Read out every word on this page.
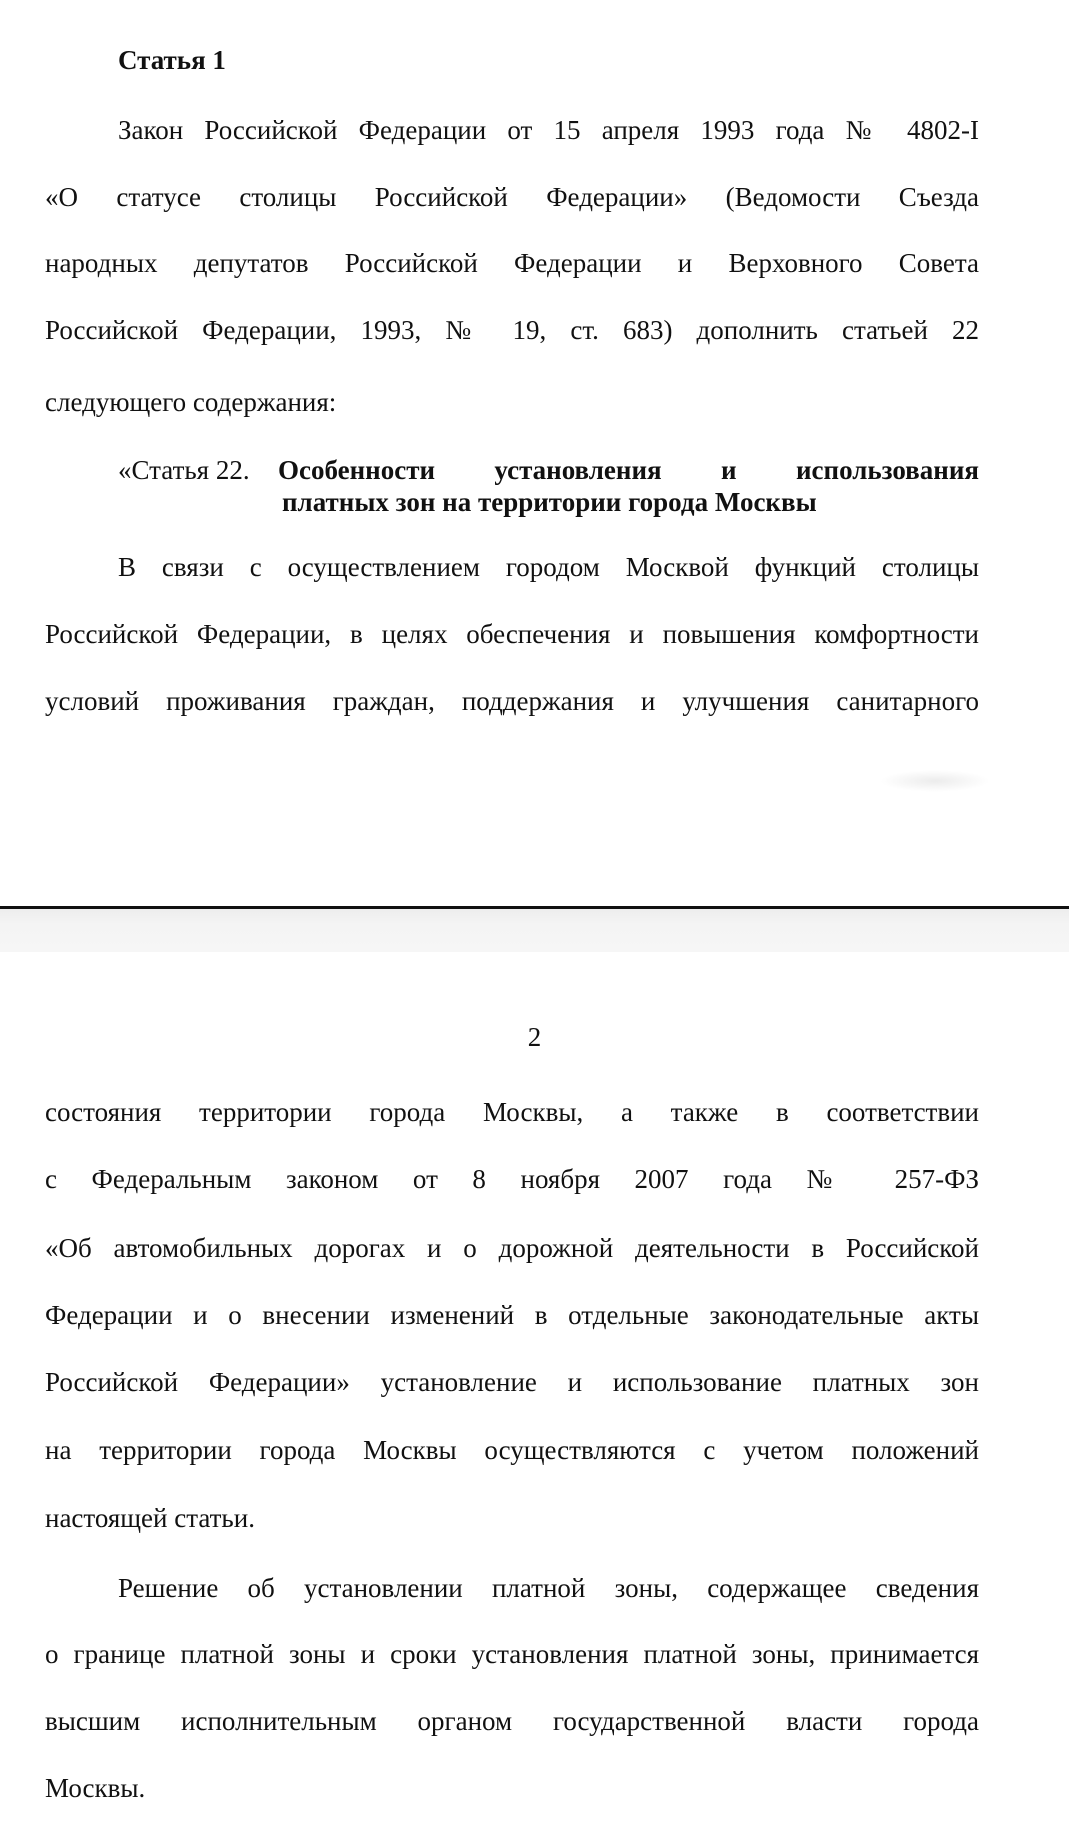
Статья 1
Закон Российской Федерации от 15 апреля 1993 года № 4802-I
«О статусе столицы Российской Федерации» (Ведомости Съезда
народных депутатов Российской Федерации и Верховного Совета
Российской Федерации, 1993, № 19, ст. 683) дополнить статьей 22
следующего содержания:
«Статья 22. Особенности установления и использования
платных зон на территории города Москвы
В связи с осуществлением городом Москвой функций столицы
Российской Федерации, в целях обеспечения и повышения комфортности
условий проживания граждан, поддержания и улучшения санитарного
2
состояния территории города Москвы, а также в соответствии
с Федеральным законом от 8 ноября 2007 года № 257-ФЗ
«Об автомобильных дорогах и о дорожной деятельности в Российской
Федерации и о внесении изменений в отдельные законодательные акты
Российской Федерации» установление и использование платных зон
на территории города Москвы осуществляются с учетом положений
настоящей статьи.
Решение об установлении платной зоны, содержащее сведения
о границе платной зоны и сроки установления платной зоны, принимается
высшим исполнительным органом государственной власти города
Москвы.
